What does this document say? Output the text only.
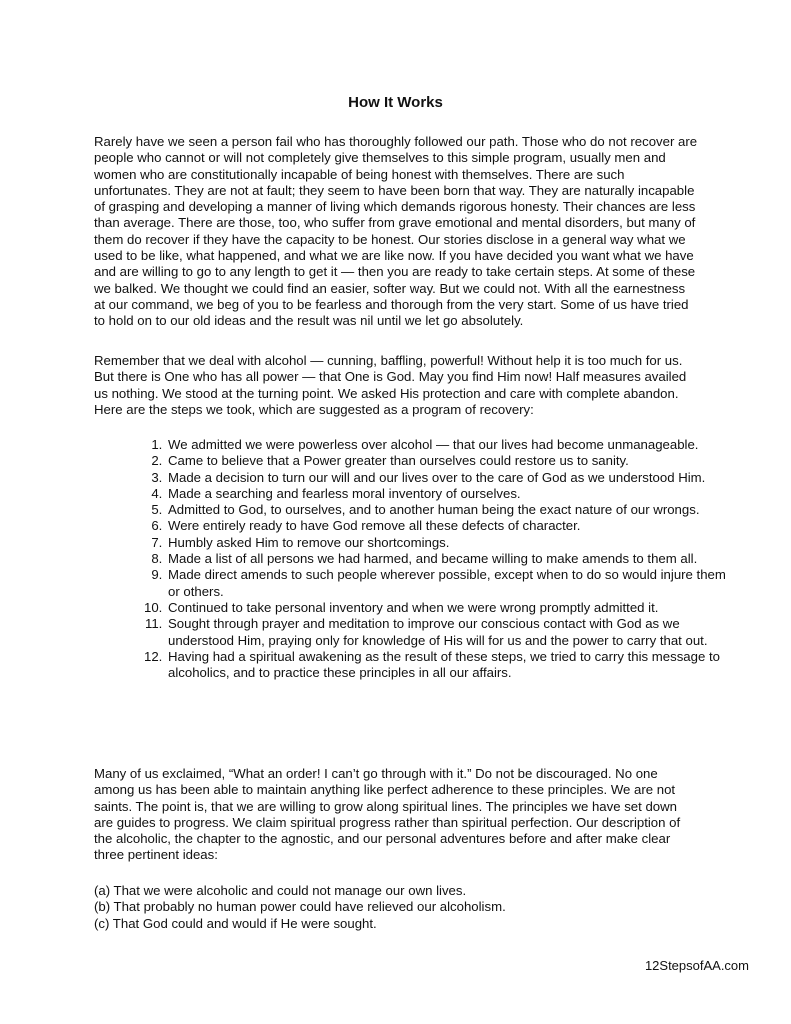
How It Works

Rarely have we seen a person fail who has thoroughly followed our path. Those who do not recover are people who cannot or will not completely give themselves to this simple program, usually men and women who are constitutionally incapable of being honest with themselves. There are such unfortunates. They are not at fault; they seem to have been born that way. They are naturally incapable of grasping and developing a manner of living which demands rigorous honesty. Their chances are less than average. There are those, too, who suffer from grave emotional and mental disorders, but many of them do recover if they have the capacity to be honest. Our stories disclose in a general way what we used to be like, what happened, and what we are like now. If you have decided you want what we have and are willing to go to any length to get it — then you are ready to take certain steps. At some of these we balked. We thought we could find an easier, softer way. But we could not. With all the earnestness at our command, we beg of you to be fearless and thorough from the very start. Some of us have tried to hold on to our old ideas and the result was nil until we let go absolutely.

Remember that we deal with alcohol — cunning, baffling, powerful! Without help it is too much for us. But there is One who has all power — that One is God. May you find Him now! Half measures availed us nothing. We stood at the turning point. We asked His protection and care with complete abandon. Here are the steps we took, which are suggested as a program of recovery:

1. We admitted we were powerless over alcohol — that our lives had become unmanageable.
2. Came to believe that a Power greater than ourselves could restore us to sanity.
3. Made a decision to turn our will and our lives over to the care of God as we understood Him.
4. Made a searching and fearless moral inventory of ourselves.
5. Admitted to God, to ourselves, and to another human being the exact nature of our wrongs.
6. Were entirely ready to have God remove all these defects of character.
7. Humbly asked Him to remove our shortcomings.
8. Made a list of all persons we had harmed, and became willing to make amends to them all.
9. Made direct amends to such people wherever possible, except when to do so would injure them or others.
10. Continued to take personal inventory and when we were wrong promptly admitted it.
11. Sought through prayer and meditation to improve our conscious contact with God as we understood Him, praying only for knowledge of His will for us and the power to carry that out.
12. Having had a spiritual awakening as the result of these steps, we tried to carry this message to alcoholics, and to practice these principles in all our affairs.

Many of us exclaimed, “What an order! I can’t go through with it.” Do not be discouraged. No one among us has been able to maintain anything like perfect adherence to these principles. We are not saints. The point is, that we are willing to grow along spiritual lines. The principles we have set down are guides to progress. We claim spiritual progress rather than spiritual perfection. Our description of the alcoholic, the chapter to the agnostic, and our personal adventures before and after make clear three pertinent ideas:

(a) That we were alcoholic and could not manage our own lives.
(b) That probably no human power could have relieved our alcoholism.
(c) That God could and would if He were sought.
12StepsofAA.com
